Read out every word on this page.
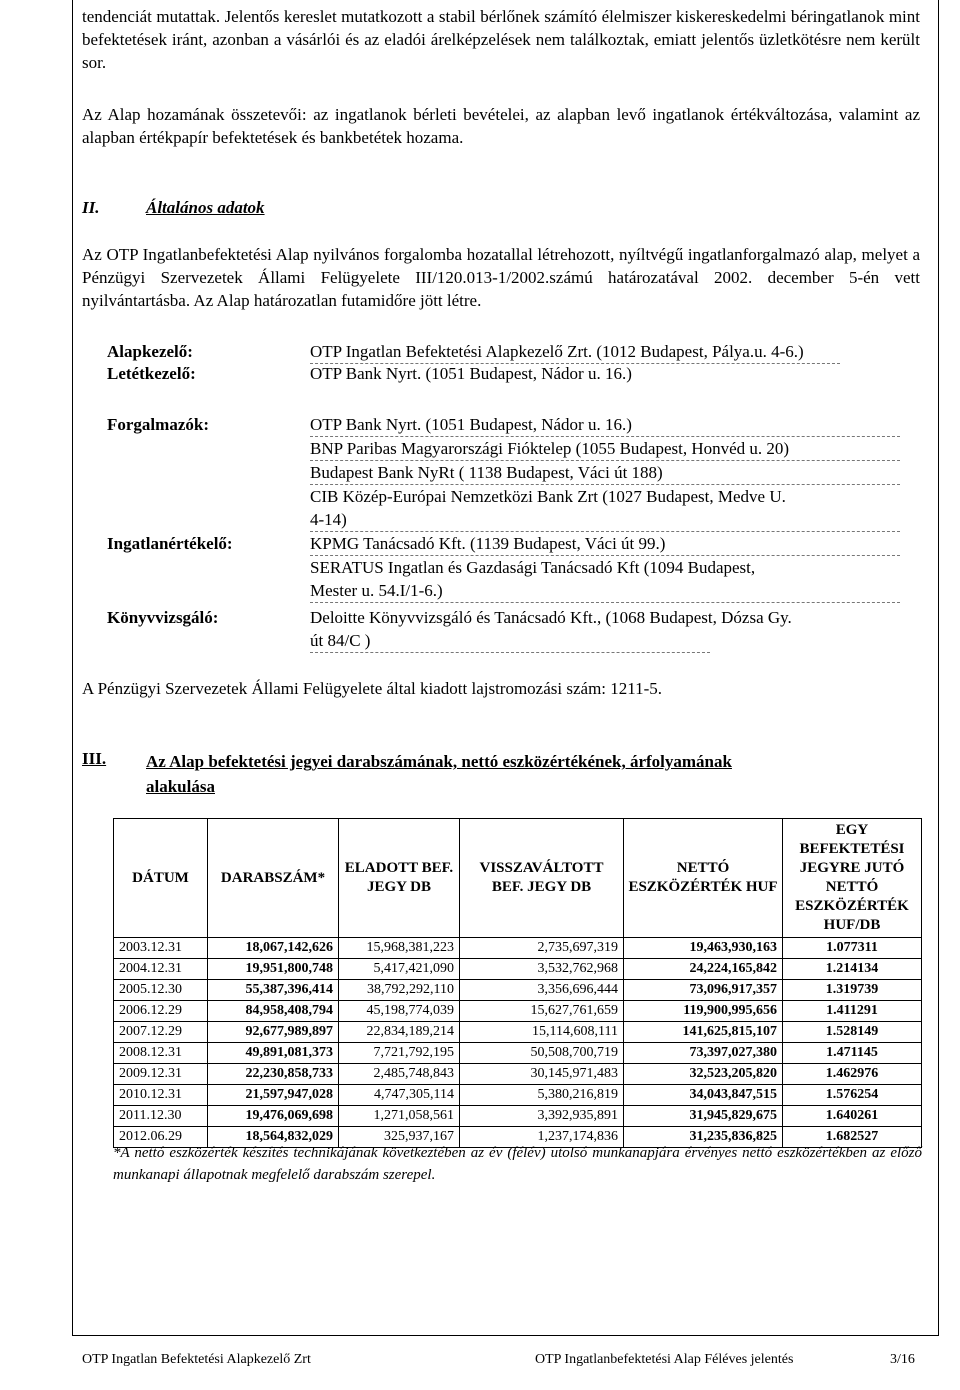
tendenciát mutattak. Jelentős kereslet mutatkozott a stabil bérlőnek számító élelmiszer kiskereskedelmi béringatlanok mint befektetések iránt, azonban a vásárlói és az eladói árelképzelések nem találkoztak, emiatt jelentős üzletkötésre nem került sor.

Az Alap hozamának összetevői: az ingatlanok bérleti bevételei, az alapban levő ingatlanok értékváltozása, valamint az alapban értékpapír befektetések és bankbetétek hozama.

II.	Általános adatok

Az OTP Ingatlanbefektetési Alap nyilvános forgalomba hozatallal létrehozott, nyíltvégű ingatlanforgalmazó alap, melyet a Pénzügyi Szervezetek Állami Felügyelete III/120.013-1/2002.számú határozatával 2002. december 5-én vett nyilvántartásba. Az Alap határozatlan futamidőre jött létre.

Alapkezelő:	OTP Ingatlan Befektetési Alapkezelő Zrt. (1012 Budapest, Pálya.u. 4-6.)
Letétkezelő:	OTP Bank Nyrt. (1051 Budapest, Nádor u. 16.)
Forgalmazók:	OTP Bank Nyrt. (1051 Budapest, Nádor u. 16.)
BNP Paribas Magyarországi Fióktelep (1055 Budapest, Honvéd u. 20)
Budapest Bank NyRt ( 1138 Budapest, Váci út 188)
CIB Közép-Európai Nemzetközi Bank Zrt (1027 Budapest, Medve U.
4-14)
Ingatlanértékelő:	KPMG Tanácsadó Kft. (1139 Budapest, Váci út 99.)
SERATUS Ingatlan és Gazdasági Tanácsadó Kft (1094 Budapest,
Mester u. 54.I/1-6.)
Könyvvizsgáló:	Deloitte Könyvvizsgáló és Tanácsadó Kft., (1068 Budapest, Dózsa Gy.
út 84/C )
A Pénzügyi Szervezetek Állami Felügyelete által kiadott lajstromozási szám: 1211-5.
III. Az Alap befektetési jegyei darabszámának, nettó eszközértékének, árfolyamának
alakulása
DÁTUM	DARABSZÁM*	ELADOTT BEF. JEGY DB	VISSZAVÁLTOTT BEF. JEGY DB	NETTÓ ESZKÖZÉRTÉK HUF	EGY BEFEKTETÉSI JEGYRE JUTÓ NETTÓ ESZKÖZÉRTÉK HUF/DB
2003.12.31	18,067,142,626	15,968,381,223	2,735,697,319	19,463,930,163	1.077311
2004.12.31	19,951,800,748	5,417,421,090	3,532,762,968	24,224,165,842	1.214134
2005.12.30	55,387,396,414	38,792,292,110	3,356,696,444	73,096,917,357	1.319739
2006.12.29	84,958,408,794	45,198,774,039	15,627,761,659	119,900,995,656	1.411291
2007.12.29	92,677,989,897	22,834,189,214	15,114,608,111	141,625,815,107	1.528149
2008.12.31	49,891,081,373	7,721,792,195	50,508,700,719	73,397,027,380	1.471145
2009.12.31	22,230,858,733	2,485,748,843	30,145,971,483	32,523,205,820	1.462976
2010.12.31	21,597,947,028	4,747,305,114	5,380,216,819	34,043,847,515	1.576254
2011.12.30	19,476,069,698	1,271,058,561	3,392,935,891	31,945,829,675	1.640261
2012.06.29	18,564,832,029	325,937,167	1,237,174,836	31,235,836,825	1.682527

*A nettó eszközérték készítés technikájának következtében az év (félév) utolsó munkanapjára érvényes nettó eszközértékben az előző munkanapi állapotnak megfelelő darabszám szerepel.

OTP Ingatlan Befektetési Alapkezelő Zrt	OTP Ingatlanbefektetési Alap Féléves jelentés	3/16
